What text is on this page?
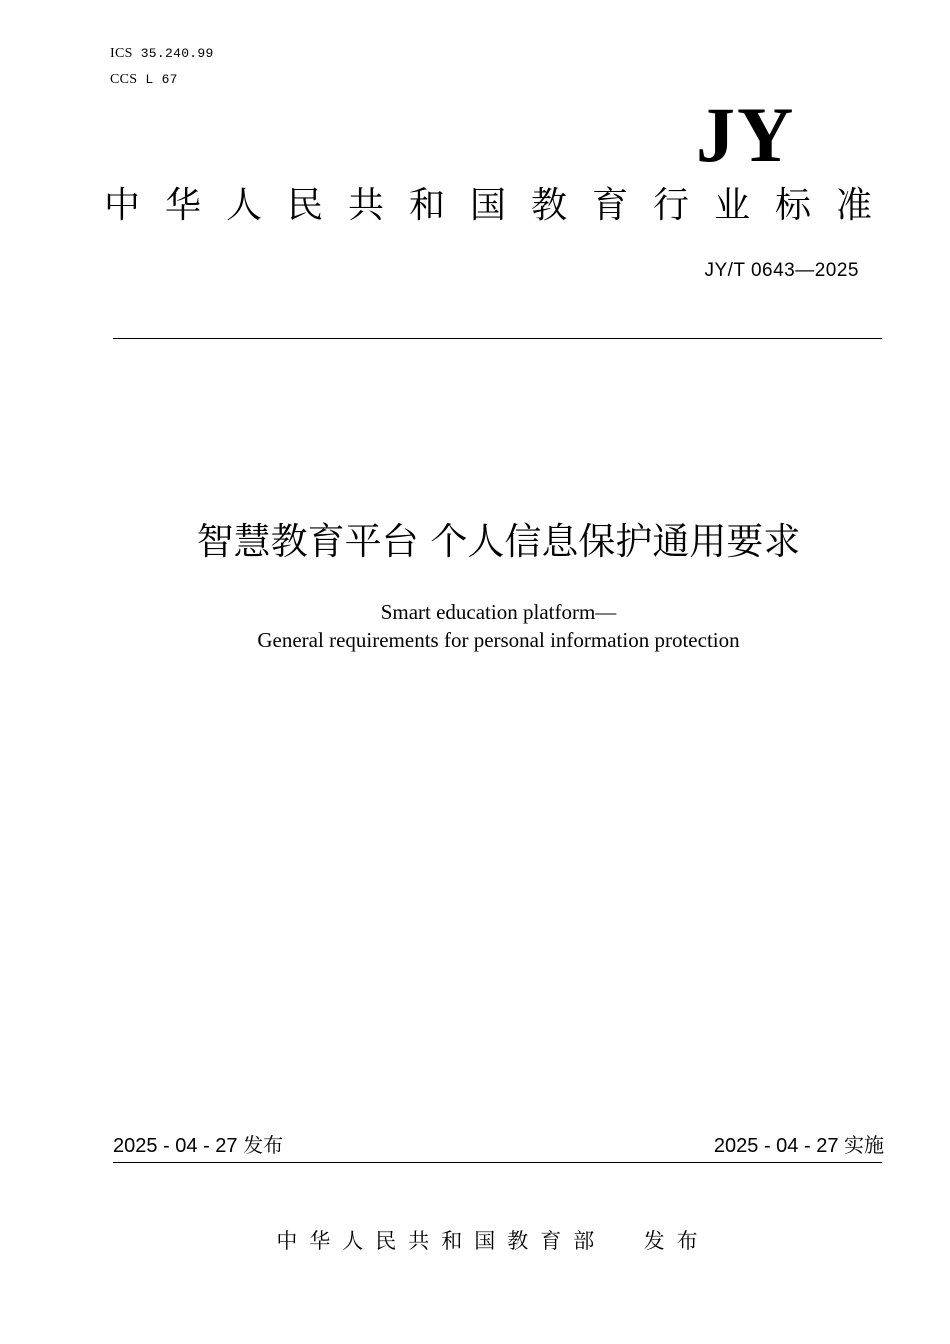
ICS 35.240.99
CCS L 67
JY
中华人民共和国教育行业标准
JY/T 0643—2025
智慧教育平台 个人信息保护通用要求
Smart education platform—
General requirements for personal information protection
2025 - 04 - 27 发布	2025 - 04 - 27 实施
中华人民共和国教育部  发布
